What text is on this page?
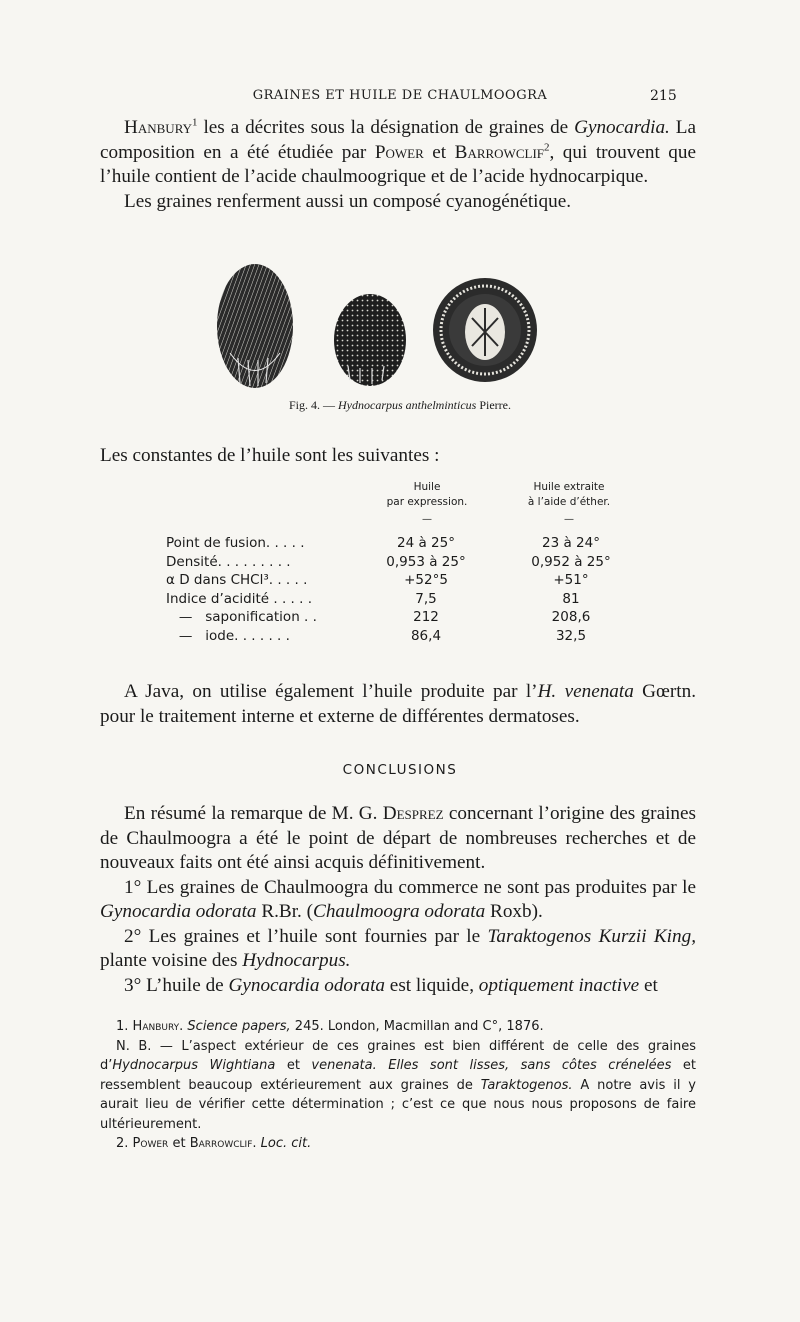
GRAINES ET HUILE DE CHAULMOOGRA	215

Hanbury$^1$ les a décrites sous la désignation de graines de Gynocardia. La composition en a été étudiée par Power et Barrowclif$^2$, qui trouvent que l’huile contient de l’acide chaulmoogrique et de l’acide hydnocarpique.

Les graines renferment aussi un composé cyanogénétique.

Fig. 4. — Hydnocarpus anthelminticus Pierre.
Les constantes de l’huile sont les suivantes :
Huile
par expression.
Huile extraite
à l’aide d’éther.
—	—
Point de fusion. . . . .	24 à 25°	23 à 24°
Densité. . . . . . . . .	0,953 à 25°	0,952 à 25°
α D dans CHCl³. . . . .	+52°5	+51°
Indice d’acidité . . . . .	7,5	81
—   saponification . .	212	208,6
—   iode. . . . . . .	86,4	32,5

A Java, on utilise également l’huile produite par l’H. venenata Gœrtn. pour le traitement interne et externe de différentes dermatoses.

CONCLUSIONS

En résumé la remarque de M. G. Desprez concernant l’origine des graines de Chaulmoogra a été le point de départ de nombreuses recherches et de nouveaux faits ont été ainsi acquis définitivement.

1° Les graines de Chaulmoogra du commerce ne sont pas produites par le Gynocardia odorata R.Br. (Chaulmoogra odorata Roxb).

2° Les graines et l’huile sont fournies par le Taraktogenos Kurzii King, plante voisine des Hydnocarpus.

3° L’huile de Gynocardia odorata est liquide, optiquement inactive et

1. Hanbury. Science papers, 245. London, Macmillan and C°, 1876.

N. B. — L’aspect extérieur de ces graines est bien différent de celle des graines d’Hydnocarpus Wightiana et venenata. Elles sont lisses, sans côtes crénelées et ressemblent beaucoup extérieurement aux graines de Taraktogenos. A notre avis il y aurait lieu de vérifier cette détermination ; c’est ce que nous nous proposons de faire ultérieurement.

2. Power et Barrowclif. Loc. cit.
